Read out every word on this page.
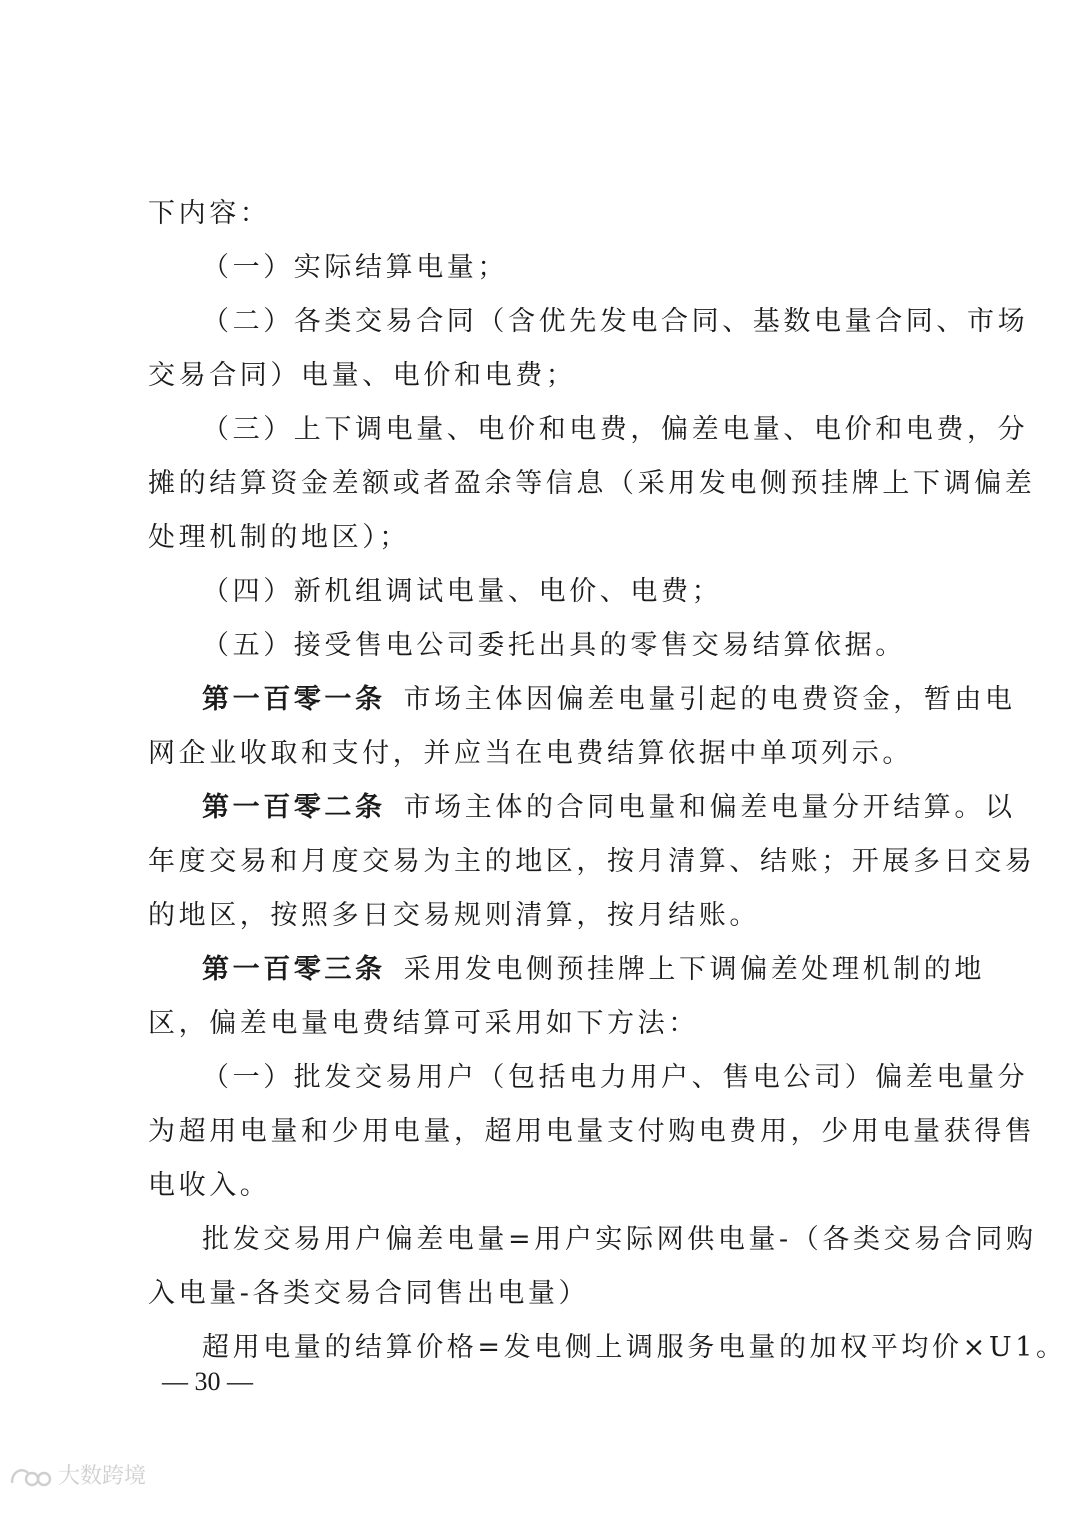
下内容：
（一）实际结算电量；
（二）各类交易合同（含优先发电合同、基数电量合同、市场
交易合同）电量、电价和电费；
（三）上下调电量、电价和电费，偏差电量、电价和电费，分
摊的结算资金差额或者盈余等信息（采用发电侧预挂牌上下调偏差
处理机制的地区）；
（四）新机组调试电量、电价、电费；
（五）接受售电公司委托出具的零售交易结算依据。
第一百零一条 市场主体因偏差电量引起的电费资金，暂由电
网企业收取和支付，并应当在电费结算依据中单项列示。
第一百零二条 市场主体的合同电量和偏差电量分开结算。以
年度交易和月度交易为主的地区，按月清算、结账；开展多日交易
的地区，按照多日交易规则清算，按月结账。
第一百零三条 采用发电侧预挂牌上下调偏差处理机制的地
区，偏差电量电费结算可采用如下方法：
（一）批发交易用户（包括电力用户、售电公司）偏差电量分
为超用电量和少用电量，超用电量支付购电费用，少用电量获得售
电收入。
批发交易用户偏差电量=用户实际网供电量-（各类交易合同购
入电量-各类交易合同售出电量）
超用电量的结算价格=发电侧上调服务电量的加权平均价×U1。
— 30 —
大数跨境
